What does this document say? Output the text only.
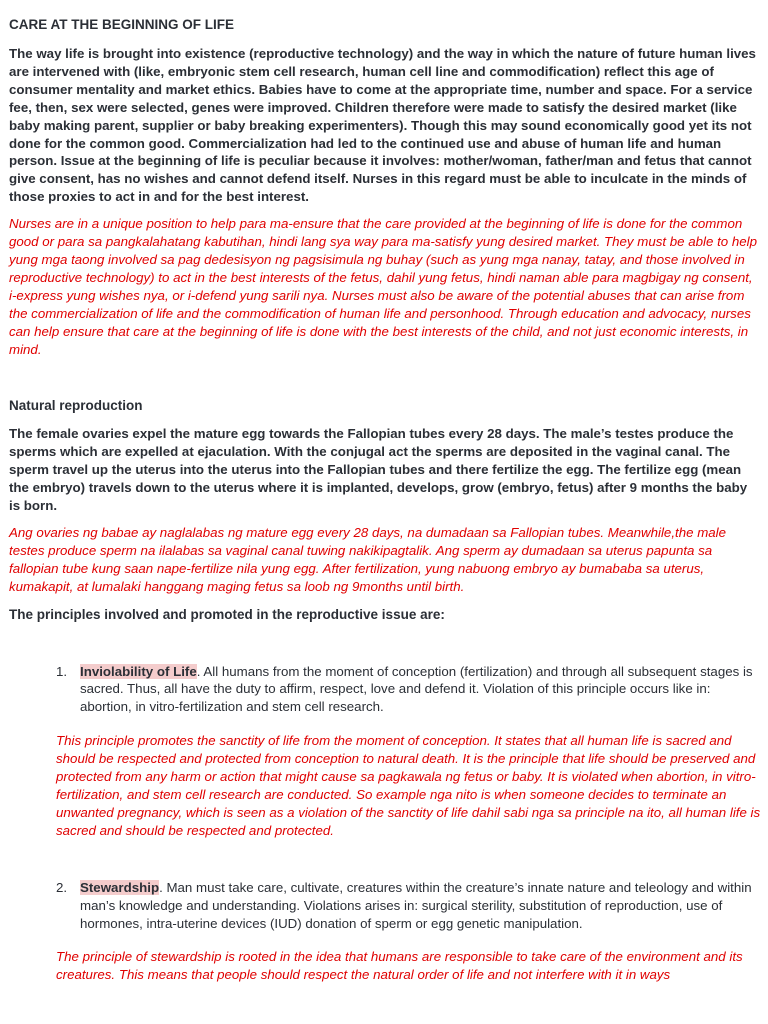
CARE AT THE BEGINNING OF LIFE

The way life is brought into existence (reproductive technology) and the way in which the nature of future human lives are intervened with (like, embryonic stem cell research, human cell line and commodification) reflect this age of consumer mentality and market ethics. Babies have to come at the appropriate time, number and space. For a service fee, then, sex were selected, genes were improved. Children therefore were made to satisfy the desired market (like baby making parent, supplier or baby breaking experimenters). Though this may sound economically good yet its not done for the common good. Commercialization had led to the continued use and abuse of human life and human person. Issue at the beginning of life is peculiar because it involves: mother/woman, father/man and fetus that cannot give consent, has no wishes and cannot defend itself. Nurses in this regard must be able to inculcate in the minds of those proxies to act in and for the best interest.

Nurses are in a unique position to help para ma-ensure that the care provided at the beginning of life is done for the common good or para sa pangkalahatang kabutihan, hindi lang sya way para ma-satisfy yung desired market. They must be able to help yung mga taong involved sa pag dedesisyon ng pagsisimula ng buhay (such as yung mga nanay, tatay, and those involved in reproductive technology) to act in the best interests of the fetus, dahil yung fetus, hindi naman able para magbigay ng consent, i-express yung wishes nya, or i-defend yung sarili nya. Nurses must also be aware of the potential abuses that can arise from the commercialization of life and the commodification of human life and personhood. Through education and advocacy, nurses can help ensure that care at the beginning of life is done with the best interests of the child, and not just economic interests, in mind.

Natural reproduction

The female ovaries expel the mature egg towards the Fallopian tubes every 28 days. The male’s testes produce the sperms which are expelled at ejaculation. With the conjugal act the sperms are deposited in the vaginal canal. The sperm travel up the uterus into the uterus into the Fallopian tubes and there fertilize the egg. The fertilize egg (mean the embryo) travels down to the uterus where it is implanted, develops, grow (embryo, fetus) after 9 months the baby is born.

Ang ovaries ng babae ay naglalabas ng mature egg every 28 days, na dumadaan sa Fallopian tubes. Meanwhile,the male testes produce sperm na ilalabas sa vaginal canal tuwing nakikipagtalik. Ang sperm ay dumadaan sa uterus papunta sa fallopian tube kung saan nape-fertilize nila yung egg. After fertilization, yung nabuong embryo ay bumababa sa uterus, kumakapit, at lumalaki hanggang maging fetus sa loob ng 9months until birth.

The principles involved and promoted in the reproductive issue are:
1. Inviolability of Life. All humans from the moment of conception (fertilization) and through all subsequent stages is sacred. Thus, all have the duty to affirm, respect, love and defend it. Violation of this principle occurs like in: abortion, in vitro-fertilization and stem cell research.

This principle promotes the sanctity of life from the moment of conception. It states that all human life is sacred and should be respected and protected from conception to natural death. It is the principle that life should be preserved and protected from any harm or action that might cause sa pagkawala ng fetus or baby. It is violated when abortion, in vitro-fertilization, and stem cell research are conducted. So example nga nito is when someone decides to terminate an unwanted pregnancy, which is seen as a violation of the sanctity of life dahil sabi nga sa principle na ito, all human life is sacred and should be respected and protected.

2. Stewardship. Man must take care, cultivate, creatures within the creature’s innate nature and teleology and within man’s knowledge and understanding. Violations arises in: surgical sterility, substitution of reproduction, use of hormones, intra-uterine devices (IUD) donation of sperm or egg genetic manipulation.

The principle of stewardship is rooted in the idea that humans are responsible to take care of the environment and its creatures. This means that people should respect the natural order of life and not interfere with it in ways
